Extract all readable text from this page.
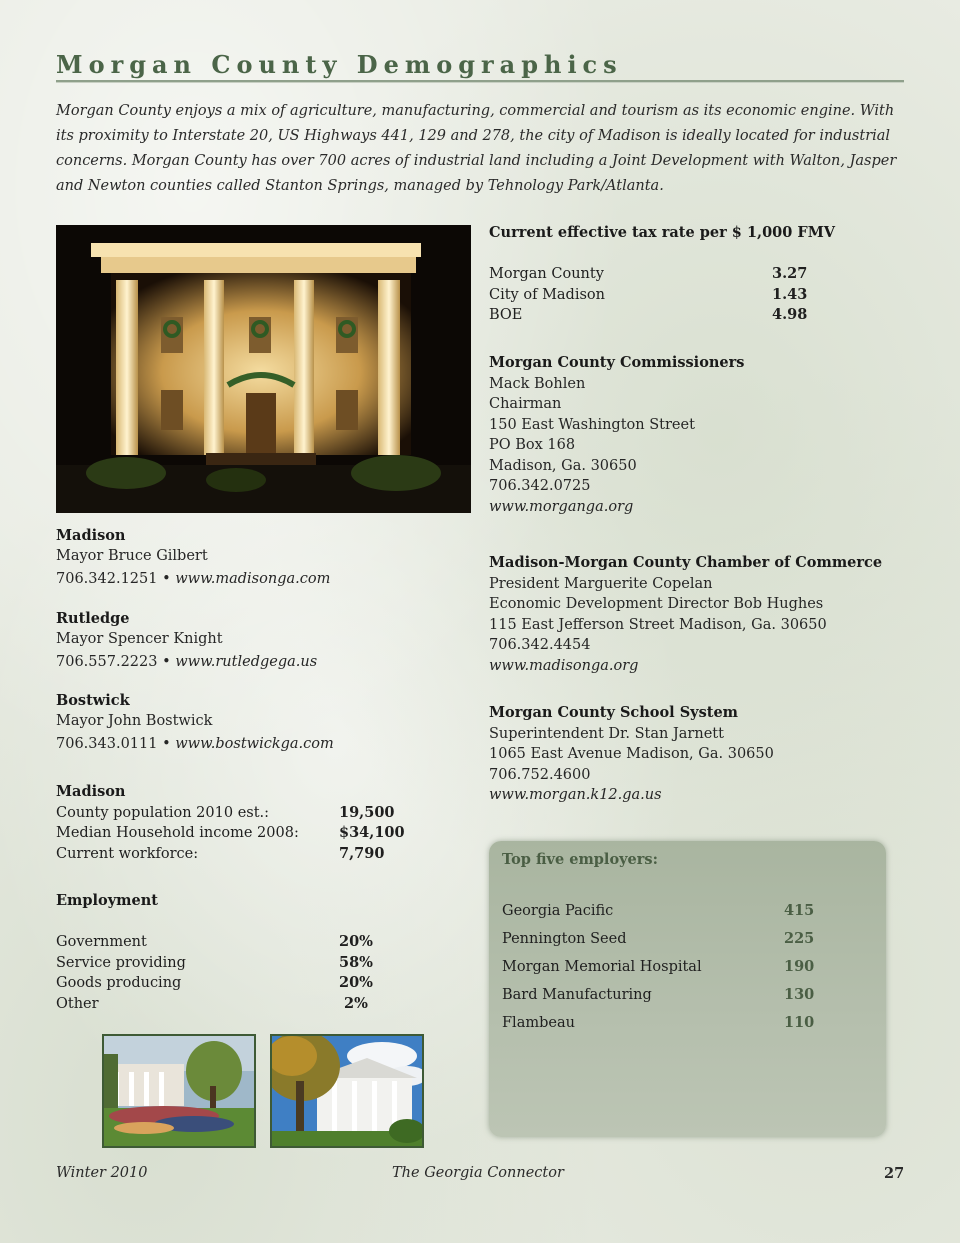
Morgan County Demographics
Morgan County enjoys a mix of agriculture, manufacturing, commercial and tourism as its economic engine. With its proximity to Interstate 20, US Highways 441, 129 and 278, the city of Madison is ideally located for industrial concerns. Morgan County has over 700 acres of industrial land including a Joint Development with Walton, Jasper and Newton counties called Stanton Springs, managed by Tehnology Park/Atlanta.
Current effective tax rate per $ 1,000 FMV
Morgan County	3.27
City of Madison	1.43
BOE	4.98
Morgan County Commissioners
Mack Bohlen
Chairman
150 East Washington Street
PO Box 168
Madison, Ga. 30650
706.342.0725
www.morganga.org
Madison-Morgan County Chamber of Commerce
President Marguerite Copelan
Economic Development Director Bob Hughes
115 East Jefferson Street Madison, Ga. 30650
706.342.4454
www.madisonga.org
Morgan County School System
Superintendent Dr. Stan Jarnett
1065 East Avenue Madison, Ga. 30650
706.752.4600
www.morgan.k12.ga.us
Madison
Mayor Bruce Gilbert
706.342.1251 • www.madisonga.com
Rutledge
Mayor Spencer Knight
706.557.2223 • www.rutledgega.us
Bostwick
Mayor John Bostwick
706.343.0111 • www.bostwickga.com
Madison
County population 2010 est.:	19,500
Median Household income 2008:	$34,100
Current workforce:	7,790
Employment
Government	20%
Service providing	58%
Goods producing	20%
Other	2%
Top five employers:
Georgia Pacific	415
Pennington Seed	225
Morgan Memorial Hospital	190
Bard Manufacturing	130
Flambeau	110
Winter 2010	The Georgia Connector	27
